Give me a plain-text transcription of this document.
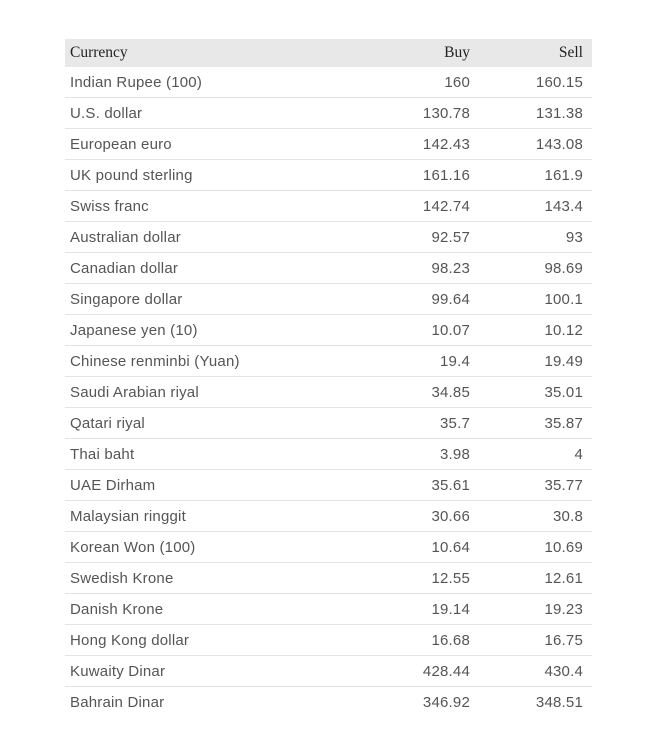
Currency	Buy	Sell
Indian Rupee (100)	160	160.15
U.S. dollar	130.78	131.38
European euro	142.43	143.08
UK pound sterling	161.16	161.9
Swiss franc	142.74	143.4
Australian dollar	92.57	93
Canadian dollar	98.23	98.69
Singapore dollar	99.64	100.1
Japanese yen (10)	10.07	10.12
Chinese renminbi (Yuan)	19.4	19.49
Saudi Arabian riyal	34.85	35.01
Qatari riyal	35.7	35.87
Thai baht	3.98	4
UAE Dirham	35.61	35.77
Malaysian ringgit	30.66	30.8
Korean Won (100)	10.64	10.69
Swedish Krone	12.55	12.61
Danish Krone	19.14	19.23
Hong Kong dollar	16.68	16.75
Kuwaity Dinar	428.44	430.4
Bahrain Dinar	346.92	348.51
